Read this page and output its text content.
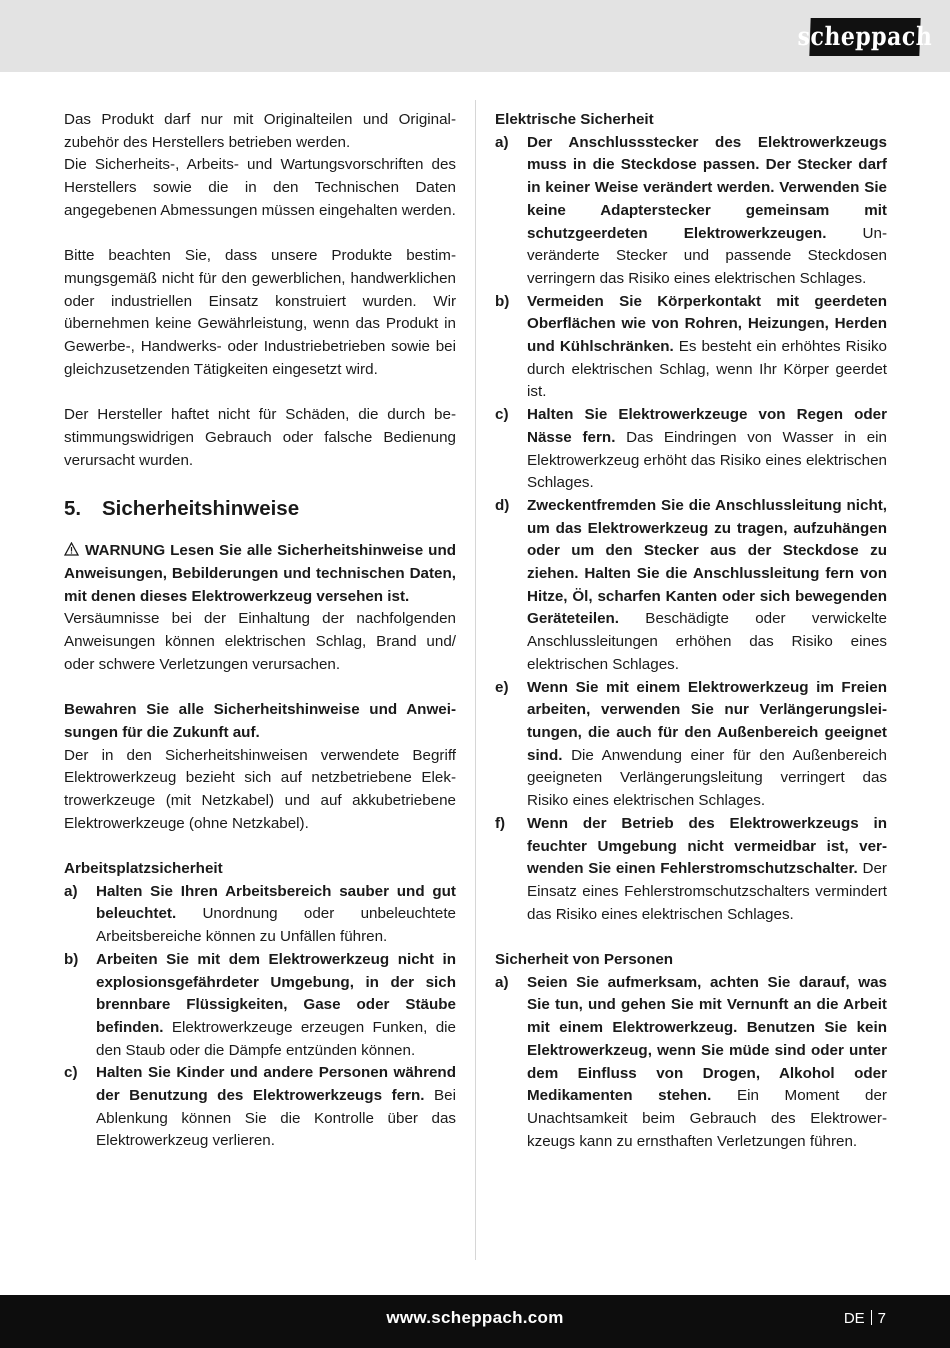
scheppach

Das Produkt darf nur mit Originalteilen und Originalzubehör des Herstellers betrieben werden.

Die Sicherheits-, Arbeits- und Wartungsvorschriften des Herstellers sowie die in den Technischen Daten angegebenen Abmessungen müssen eingehalten werden.

Bitte beachten Sie, dass unsere Produkte bestimmungsgemäß nicht für den gewerblichen, handwerklichen oder industriellen Einsatz konstruiert wurden. Wir übernehmen keine Gewährleistung, wenn das Produkt in Gewerbe-, Handwerks- oder Industriebetrieben sowie bei gleichzusetzenden Tätigkeiten eingesetzt wird.

Der Hersteller haftet nicht für Schäden, die durch bestimmungswidrigen Gebrauch oder falsche Bedienung verursacht wurden.

5.	Sicherheitshinweise

WARNUNG Lesen Sie alle Sicherheitshinweise und Anweisungen, Bebilderungen und technischen Daten, mit denen dieses Elektrowerkzeug versehen ist.

Versäumnisse bei der Einhaltung der nachfolgenden Anweisungen können elektrischen Schlag, Brand und/ oder schwere Verletzungen verursachen.

Bewahren Sie alle Sicherheitshinweise und Anweisungen für die Zukunft auf.

Der in den Sicherheitshinweisen verwendete Begriff Elektrowerkzeug bezieht sich auf netzbetriebene Elektrowerkzeuge (mit Netzkabel) und auf akkubetriebene Elektrowerkzeuge (ohne Netzkabel).

Arbeitsplatzsicherheit

a)	Halten Sie Ihren Arbeitsbereich sauber und gut beleuchtet. Unordnung oder unbeleuchtete Arbeitsbereiche können zu Unfällen führen.
b)	Arbeiten Sie mit dem Elektrowerkzeug nicht in explosionsgefährdeter Umgebung, in der sich brennbare Flüssigkeiten, Gase oder Stäube befinden. Elektrowerkzeuge erzeugen Funken, die den Staub oder die Dämpfe entzünden können.
c)	Halten Sie Kinder und andere Personen während der Benutzung des Elektrowerkzeugs fern. Bei Ablenkung können Sie die Kontrolle über das Elektrowerkzeug verlieren.

Elektrische Sicherheit

a)	Der Anschlussstecker des Elektrowerkzeugs muss in die Steckdose passen. Der Stecker darf in keiner Weise verändert werden. Verwenden Sie keine Adapterstecker gemeinsam mit schutzgeerdeten Elektrowerkzeugen. Unveränderte Stecker und passende Steckdosen verringern das Risiko eines elektrischen Schlages.
b)	Vermeiden Sie Körperkontakt mit geerdeten Oberflächen wie von Rohren, Heizungen, Herden und Kühlschränken. Es besteht ein erhöhtes Risiko durch elektrischen Schlag, wenn Ihr Körper geerdet ist.
c)	Halten Sie Elektrowerkzeuge von Regen oder Nässe fern. Das Eindringen von Wasser in ein Elektrowerkzeug erhöht das Risiko eines elektrischen Schlages.
d)	Zweckentfremden Sie die Anschlussleitung nicht, um das Elektrowerkzeug zu tragen, aufzuhängen oder um den Stecker aus der Steckdose zu ziehen. Halten Sie die Anschlussleitung fern von Hitze, Öl, scharfen Kanten oder sich bewegenden Geräteteilen. Beschädigte oder verwickelte Anschlussleitungen erhöhen das Risiko eines elektrischen Schlages.
e)	Wenn Sie mit einem Elektrowerkzeug im Freien arbeiten, verwenden Sie nur Verlängerungsleitungen, die auch für den Außenbereich geeignet sind. Die Anwendung einer für den Außenbereich geeigneten Verlängerungsleitung verringert das Risiko eines elektrischen Schlages.
f)	Wenn der Betrieb des Elektrowerkzeugs in feuchter Umgebung nicht vermeidbar ist, verwenden Sie einen Fehlerstromschutzschalter. Der Einsatz eines Fehlerstromschutzschalters vermindert das Risiko eines elektrischen Schlages.

Sicherheit von Personen

a)	Seien Sie aufmerksam, achten Sie darauf, was Sie tun, und gehen Sie mit Vernunft an die Arbeit mit einem Elektrowerkzeug. Benutzen Sie kein Elektrowerkzeug, wenn Sie müde sind oder unter dem Einfluss von Drogen, Alkohol oder Medikamenten stehen. Ein Moment der Unachtsamkeit beim Gebrauch des Elektrowerkzeugs kann zu ernsthaften Verletzungen führen.
www.scheppach.com	DE 7
